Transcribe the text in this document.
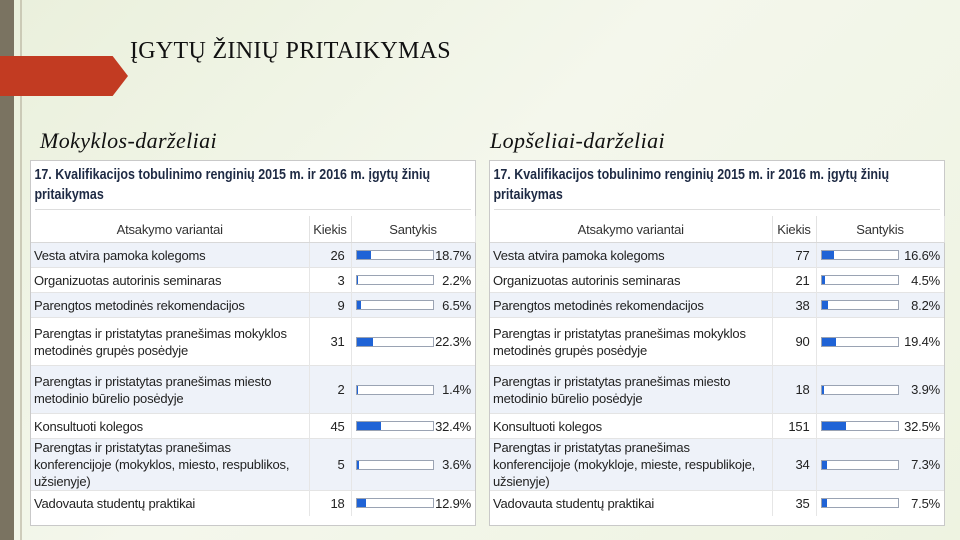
ĮGYTŲ ŽINIŲ PRITAIKYMAS
Mokyklos-darželiai	Lopšeliai-darželiai
17. Kvalifikacijos tobulinimo renginių 2015 m. ir 2016 m. įgytų žinių pritaikymas
Atsakymo variantai	Kiekis	Santykis
Vesta atvira pamoka kolegoms	26	18.7%

Organizuotas autorinis seminaras	3	2.2%

Parengtos metodinės rekomendacijos	9	6.5%

Parengtas ir pristatytas pranešimas mokyklos metodinės grupės posėdyje	31	22.3%

Parengtas ir pristatytas pranešimas miesto metodinio būrelio posėdyje	2	1.4%

Konsultuoti kolegos	45	32.4%

Parengtas ir pristatytas pranešimas konferencijoje (mokyklos, miesto, respublikos, užsienyje)	5	3.6%

Vadovauta studentų praktikai	18	12.9%
17. Kvalifikacijos tobulinimo renginių 2015 m. ir 2016 m. įgytų žinių pritaikymas
Atsakymo variantai	Kiekis	Santykis
Vesta atvira pamoka kolegoms	77	16.6%

Organizuotas autorinis seminaras	21	4.5%

Parengtos metodinės rekomendacijos	38	8.2%

Parengtas ir pristatytas pranešimas mokyklos metodinės grupės posėdyje	90	19.4%

Parengtas ir pristatytas pranešimas miesto metodinio būrelio posėdyje	18	3.9%

Konsultuoti kolegos	151	32.5%

Parengtas ir pristatytas pranešimas konferencijoje (mokykloje, mieste, respublikoje, užsienyje)	34	7.3%

Vadovauta studentų praktikai	35	7.5%
